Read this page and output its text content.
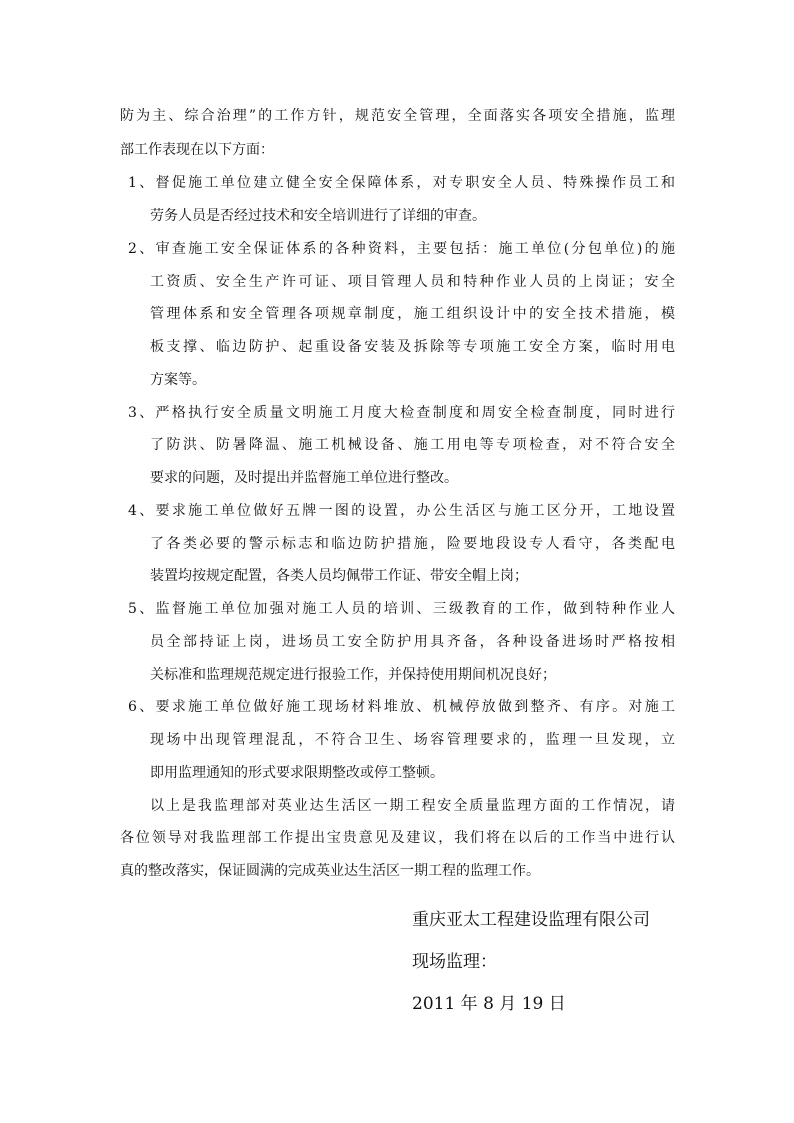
防为主、综合治理”的工作方针，规范安全管理，全面落实各项安全措施，监理

部工作表现在以下方面：

1、督促施工单位建立健全安全保障体系，对专职安全人员、特殊操作员工和

劳务人员是否经过技术和安全培训进行了详细的审查。

2、审查施工安全保证体系的各种资料，主要包括：施工单位(分包单位)的施

工资质、安全生产许可证、项目管理人员和特种作业人员的上岗证；安全

管理体系和安全管理各项规章制度，施工组织设计中的安全技术措施，模

板支撑、临边防护、起重设备安装及拆除等专项施工安全方案，临时用电

方案等。

3、严格执行安全质量文明施工月度大检查制度和周安全检查制度，同时进行

了防洪、防暑降温、施工机械设备、施工用电等专项检查，对不符合安全

要求的问题，及时提出并监督施工单位进行整改。

4、要求施工单位做好五牌一图的设置，办公生活区与施工区分开，工地设置

了各类必要的警示标志和临边防护措施，险要地段设专人看守，各类配电

装置均按规定配置，各类人员均佩带工作证、带安全帽上岗；

5、监督施工单位加强对施工人员的培训、三级教育的工作，做到特种作业人

员全部持证上岗，进场员工安全防护用具齐备，各种设备进场时严格按相

关标准和监理规范规定进行报验工作，并保持使用期间机况良好；

6、要求施工单位做好施工现场材料堆放、机械停放做到整齐、有序。对施工

现场中出现管理混乱，不符合卫生、场容管理要求的，监理一旦发现，立

即用监理通知的形式要求限期整改或停工整顿。

以上是我监理部对英业达生活区一期工程安全质量监理方面的工作情况，请

各位领导对我监理部工作提出宝贵意见及建议，我们将在以后的工作当中进行认

真的整改落实，保证圆满的完成英业达生活区一期工程的监理工作。

重庆亚太工程建设监理有限公司

现场监理：

2011 年 8 月 19 日
